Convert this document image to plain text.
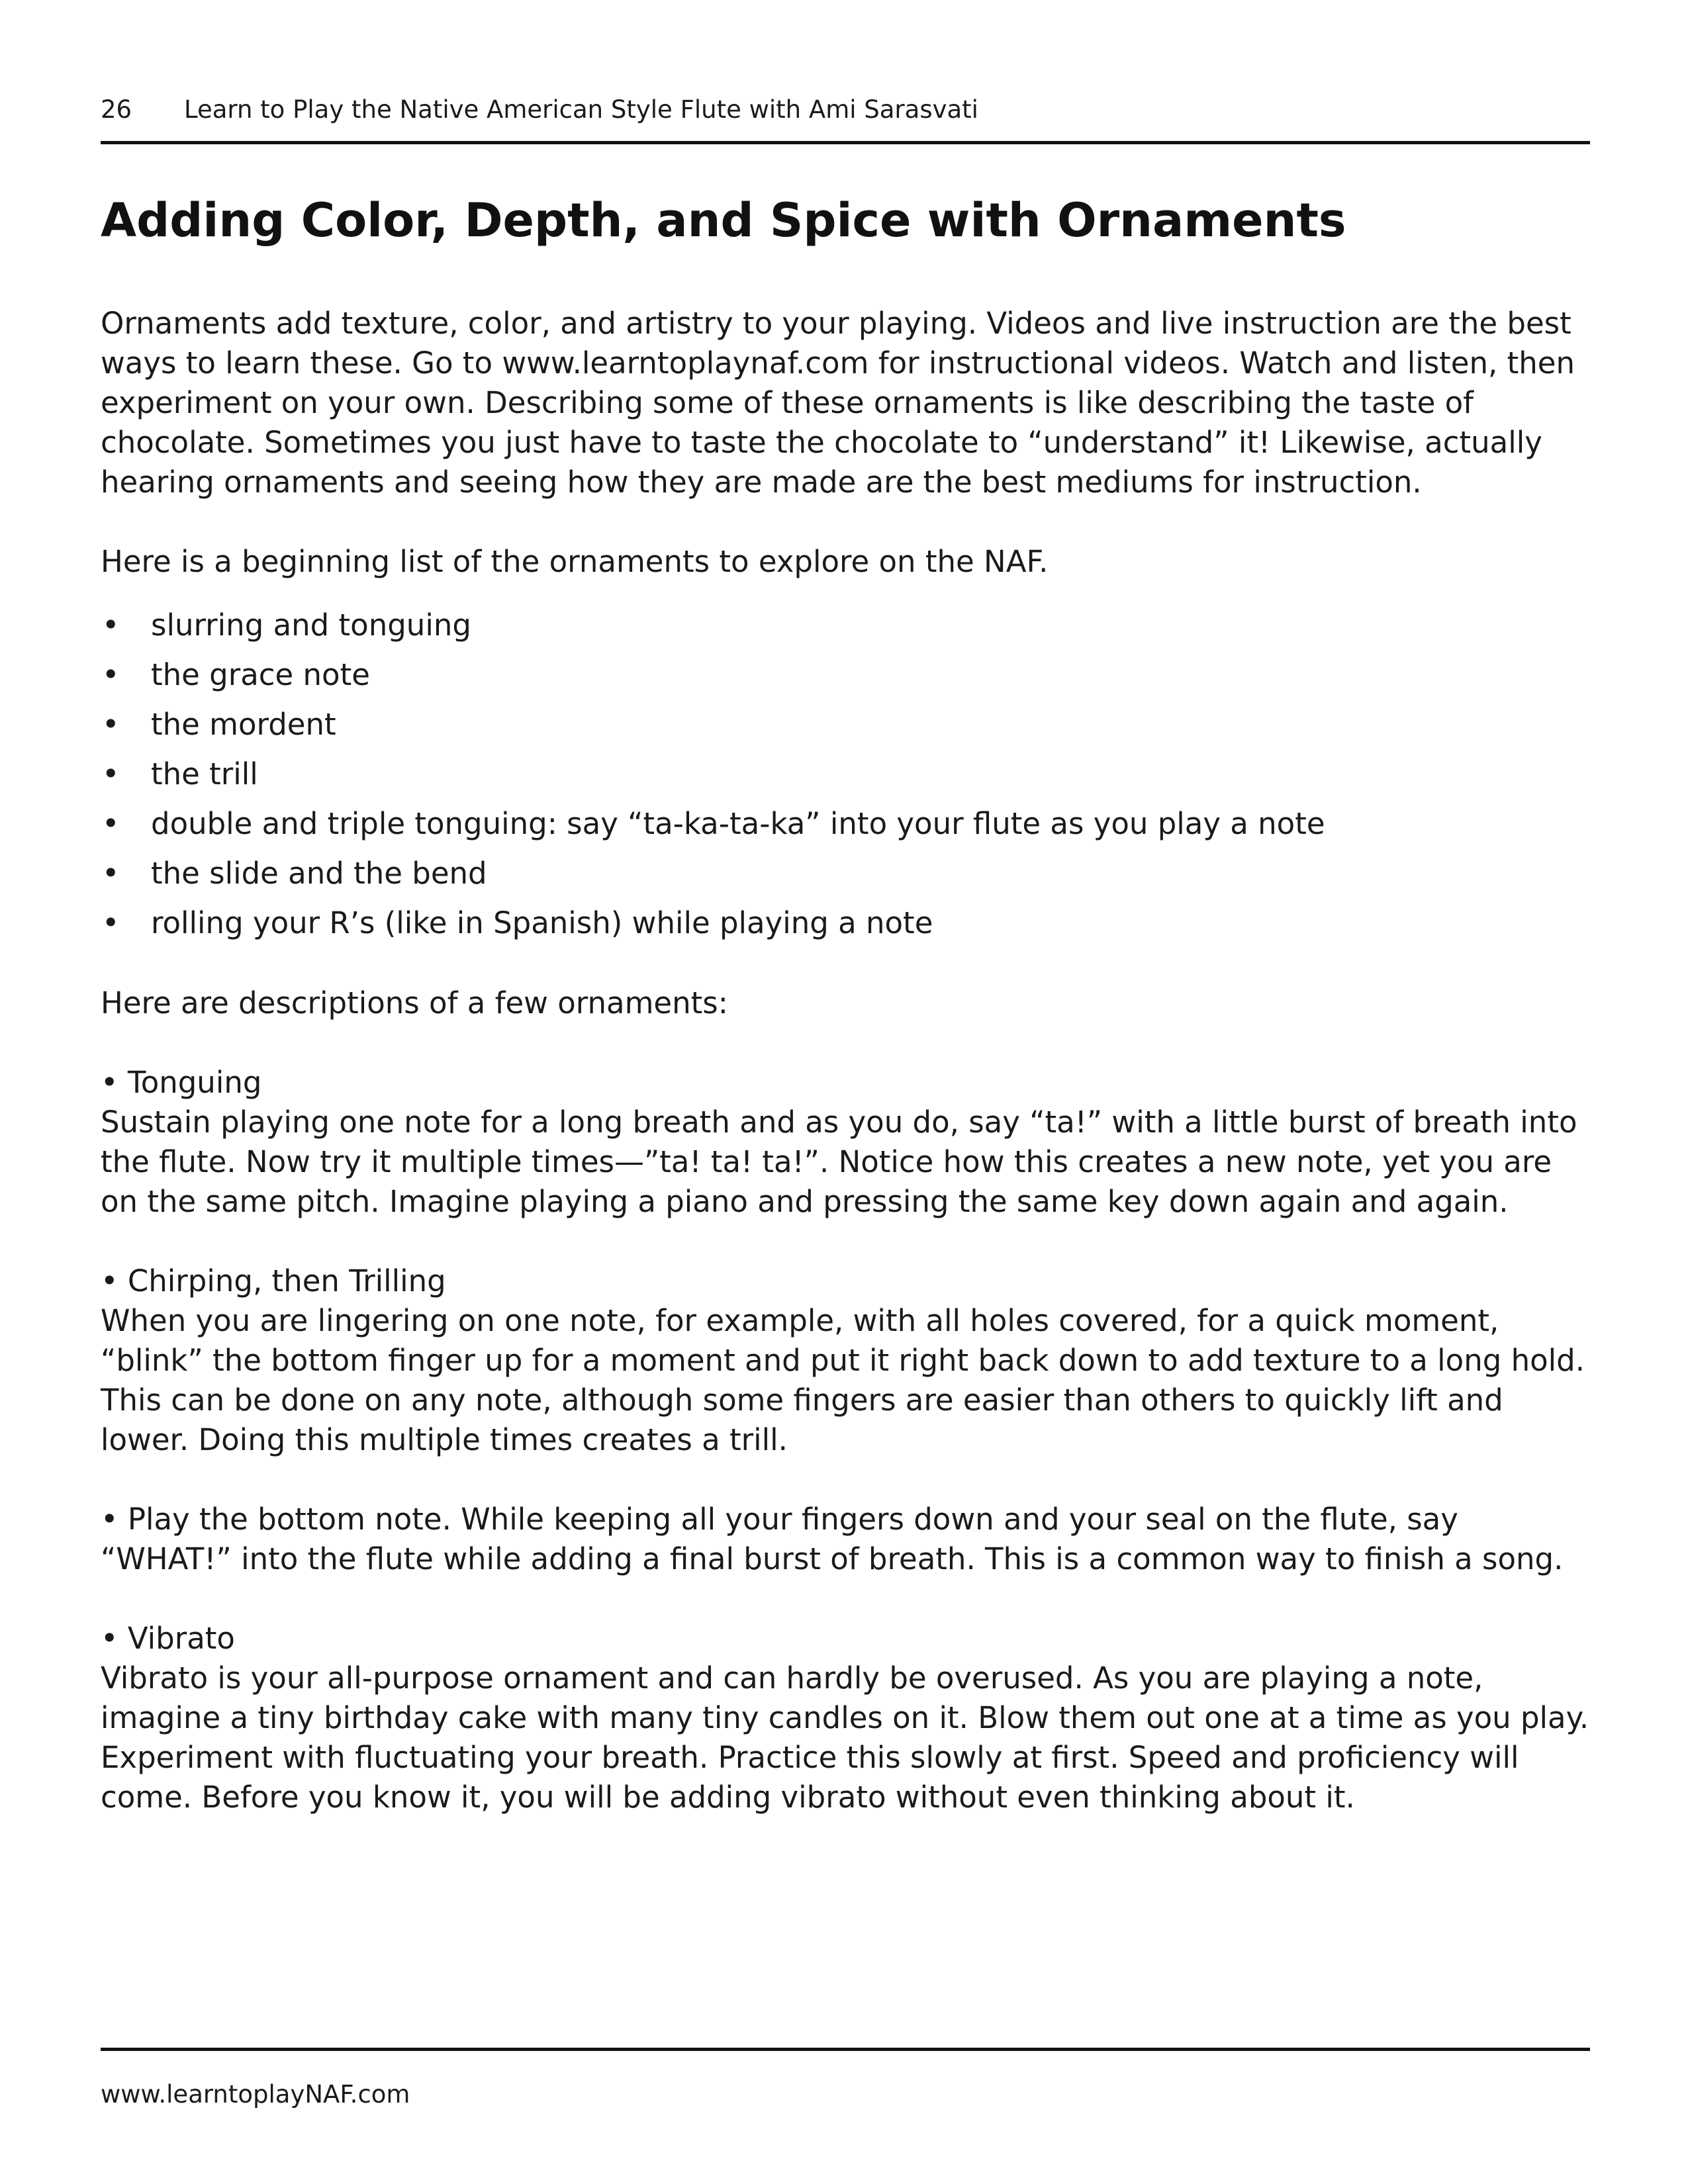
26 Learn to Play the Native American Style Flute with Ami Sarasvati
Adding Color, Depth, and Spice with Ornaments

Ornaments add texture, color, and artistry to your playing. Videos and live instruction are the best ways to learn these. Go to www.learntoplaynaf.com for instructional videos. Watch and listen, then experiment on your own. Describing some of these ornaments is like describing the taste of chocolate. Sometimes you just have to taste the chocolate to “understand” it! Likewise, actually hearing ornaments and seeing how they are made are the best mediums for instruction.

Here is a beginning list of the ornaments to explore on the NAF.

• slurring and tonguing
• the grace note
• the mordent
• the trill
• double and triple tonguing: say “ta-ka-ta-ka” into your flute as you play a note
• the slide and the bend
• rolling your R’s (like in Spanish) while playing a note

Here are descriptions of a few ornaments:

• Tonguing

Sustain playing one note for a long breath and as you do, say “ta!” with a little burst of breath into the flute. Now try it multiple times—”ta! ta! ta!”. Notice how this creates a new note, yet you are on the same pitch. Imagine playing a piano and pressing the same key down again and again.

• Chirping, then Trilling

When you are lingering on one note, for example, with all holes covered, for a quick moment, “blink” the bottom finger up for a moment and put it right back down to add texture to a long hold. This can be done on any note, although some fingers are easier than others to quickly lift and lower. Doing this multiple times creates a trill.

• Play the bottom note. While keeping all your fingers down and your seal on the flute, say “WHAT!” into the flute while adding a final burst of breath. This is a common way to finish a song.

• Vibrato

Vibrato is your all-purpose ornament and can hardly be overused. As you are playing a note, imagine a tiny birthday cake with many tiny candles on it. Blow them out one at a time as you play. Experiment with fluctuating your breath. Practice this slowly at first. Speed and proficiency will come. Before you know it, you will be adding vibrato without even thinking about it.

www.learntoplayNAF.com
